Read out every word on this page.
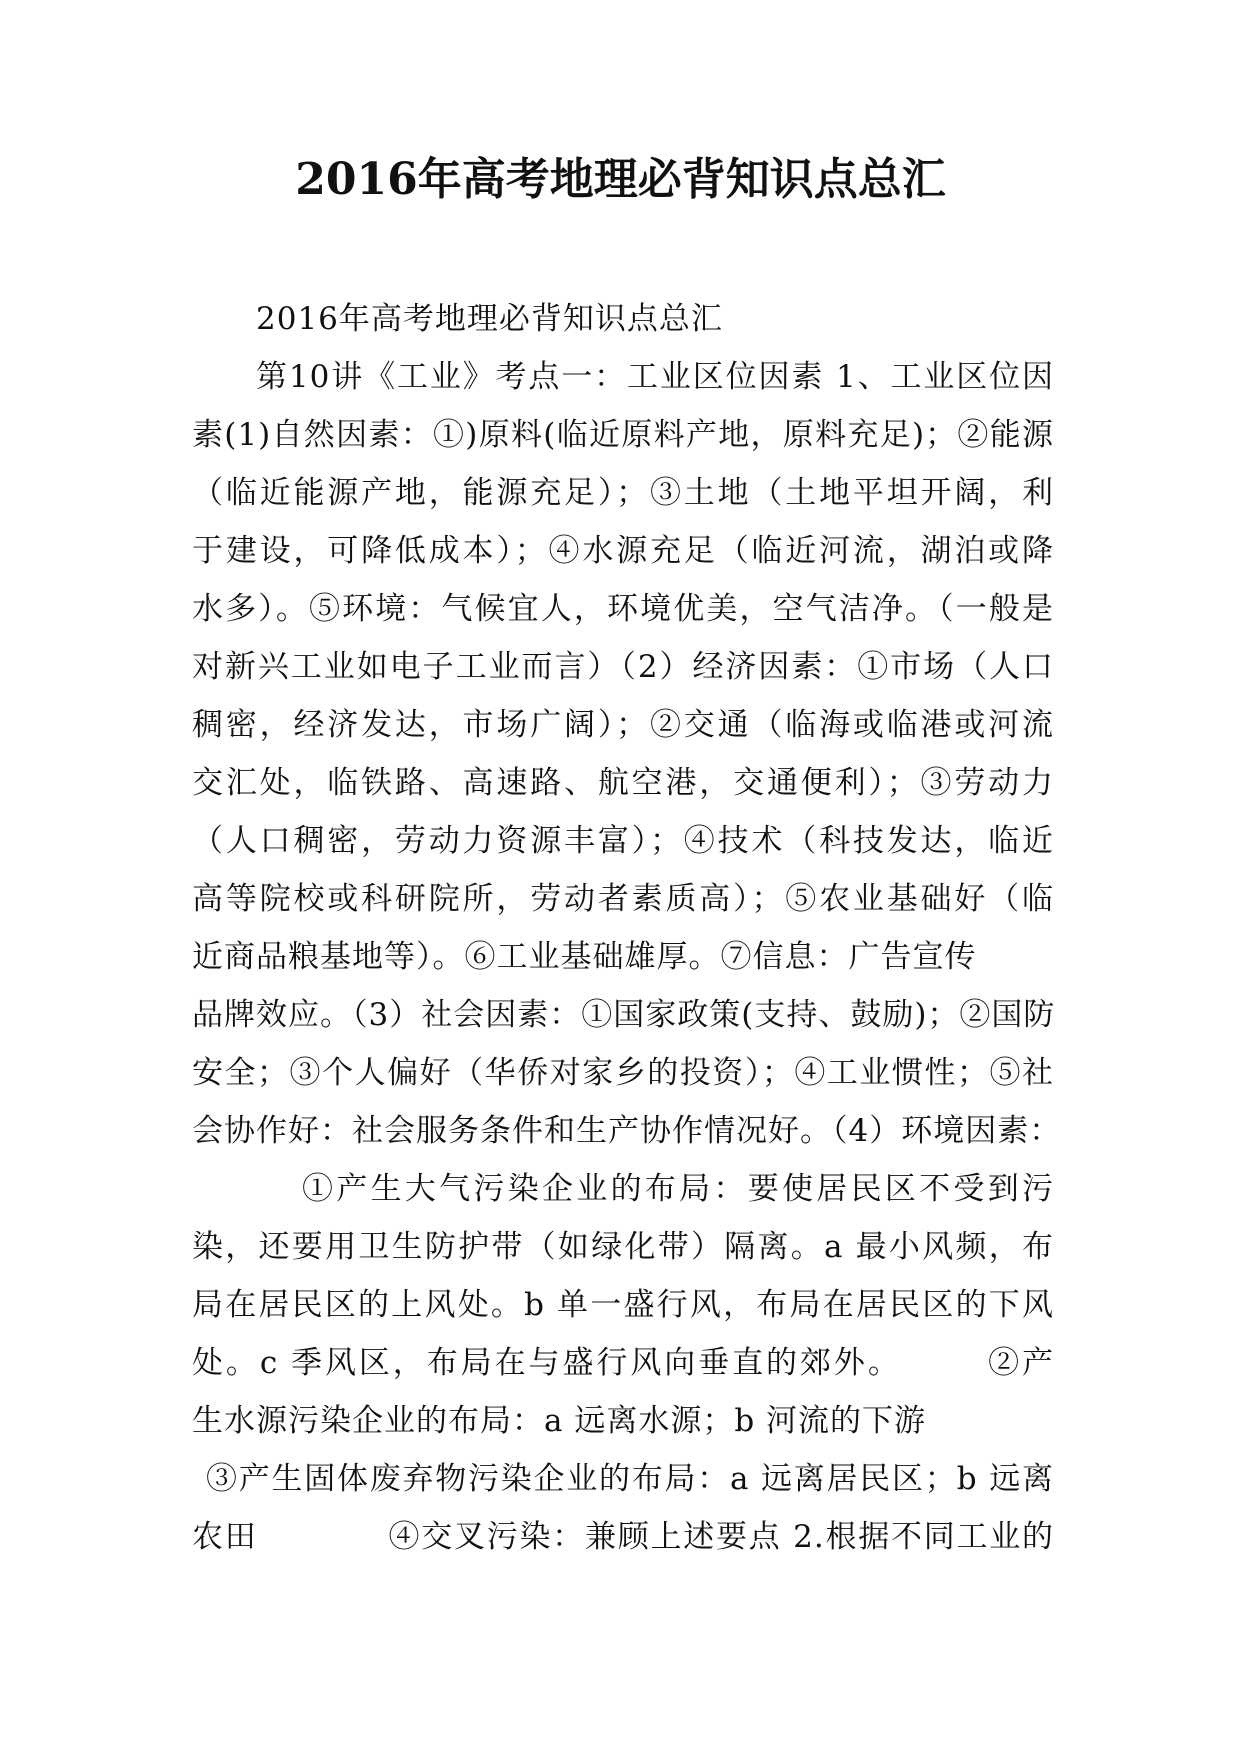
2016年高考地理必背知识点总汇
2016年高考地理必背知识点总汇
第10讲《工业》考点一：工业区位因素 1、工业区位因
素(1)自然因素：①)原料(临近原料产地，原料充足)；②能源
（临近能源产地，能源充足）；③土地（土地平坦开阔，利
于建设，可降低成本）；④水源充足（临近河流，湖泊或降
水多）。⑤环境：气候宜人，环境优美，空气洁净。（一般是
对新兴工业如电子工业而言）（2）经济因素：①市场（人口
稠密，经济发达，市场广阔）；②交通（临海或临港或河流
交汇处，临铁路、高速路、航空港，交通便利）；③劳动力
（人口稠密，劳动力资源丰富）；④技术（科技发达，临近
高等院校或科研院所，劳动者素质高）；⑤农业基础好（临
近商品粮基地等）。⑥工业基础雄厚。⑦信息：广告宣传
品牌效应。（3）社会因素：①国家政策(支持、鼓励)；②国防
安全；③个人偏好（华侨对家乡的投资）；④工业惯性；⑤社
会协作好：社会服务条件和生产协作情况好。（4）环境因素：
①产生大气污染企业的布局：要使居民区不受到污
染，还要用卫生防护带（如绿化带）隔离。a 最小风频，布
局在居民区的上风处。b 单一盛行风，布局在居民区的下风
处。c 季风区，布局在与盛行风向垂直的郊外。　　　②产
生水源污染企业的布局：a 远离水源；b 河流的下游
③产生固体废弃物污染企业的布局：a 远离居民区；b 远离
农田　　　　④交叉污染：兼顾上述要点 2.根据不同工业的
